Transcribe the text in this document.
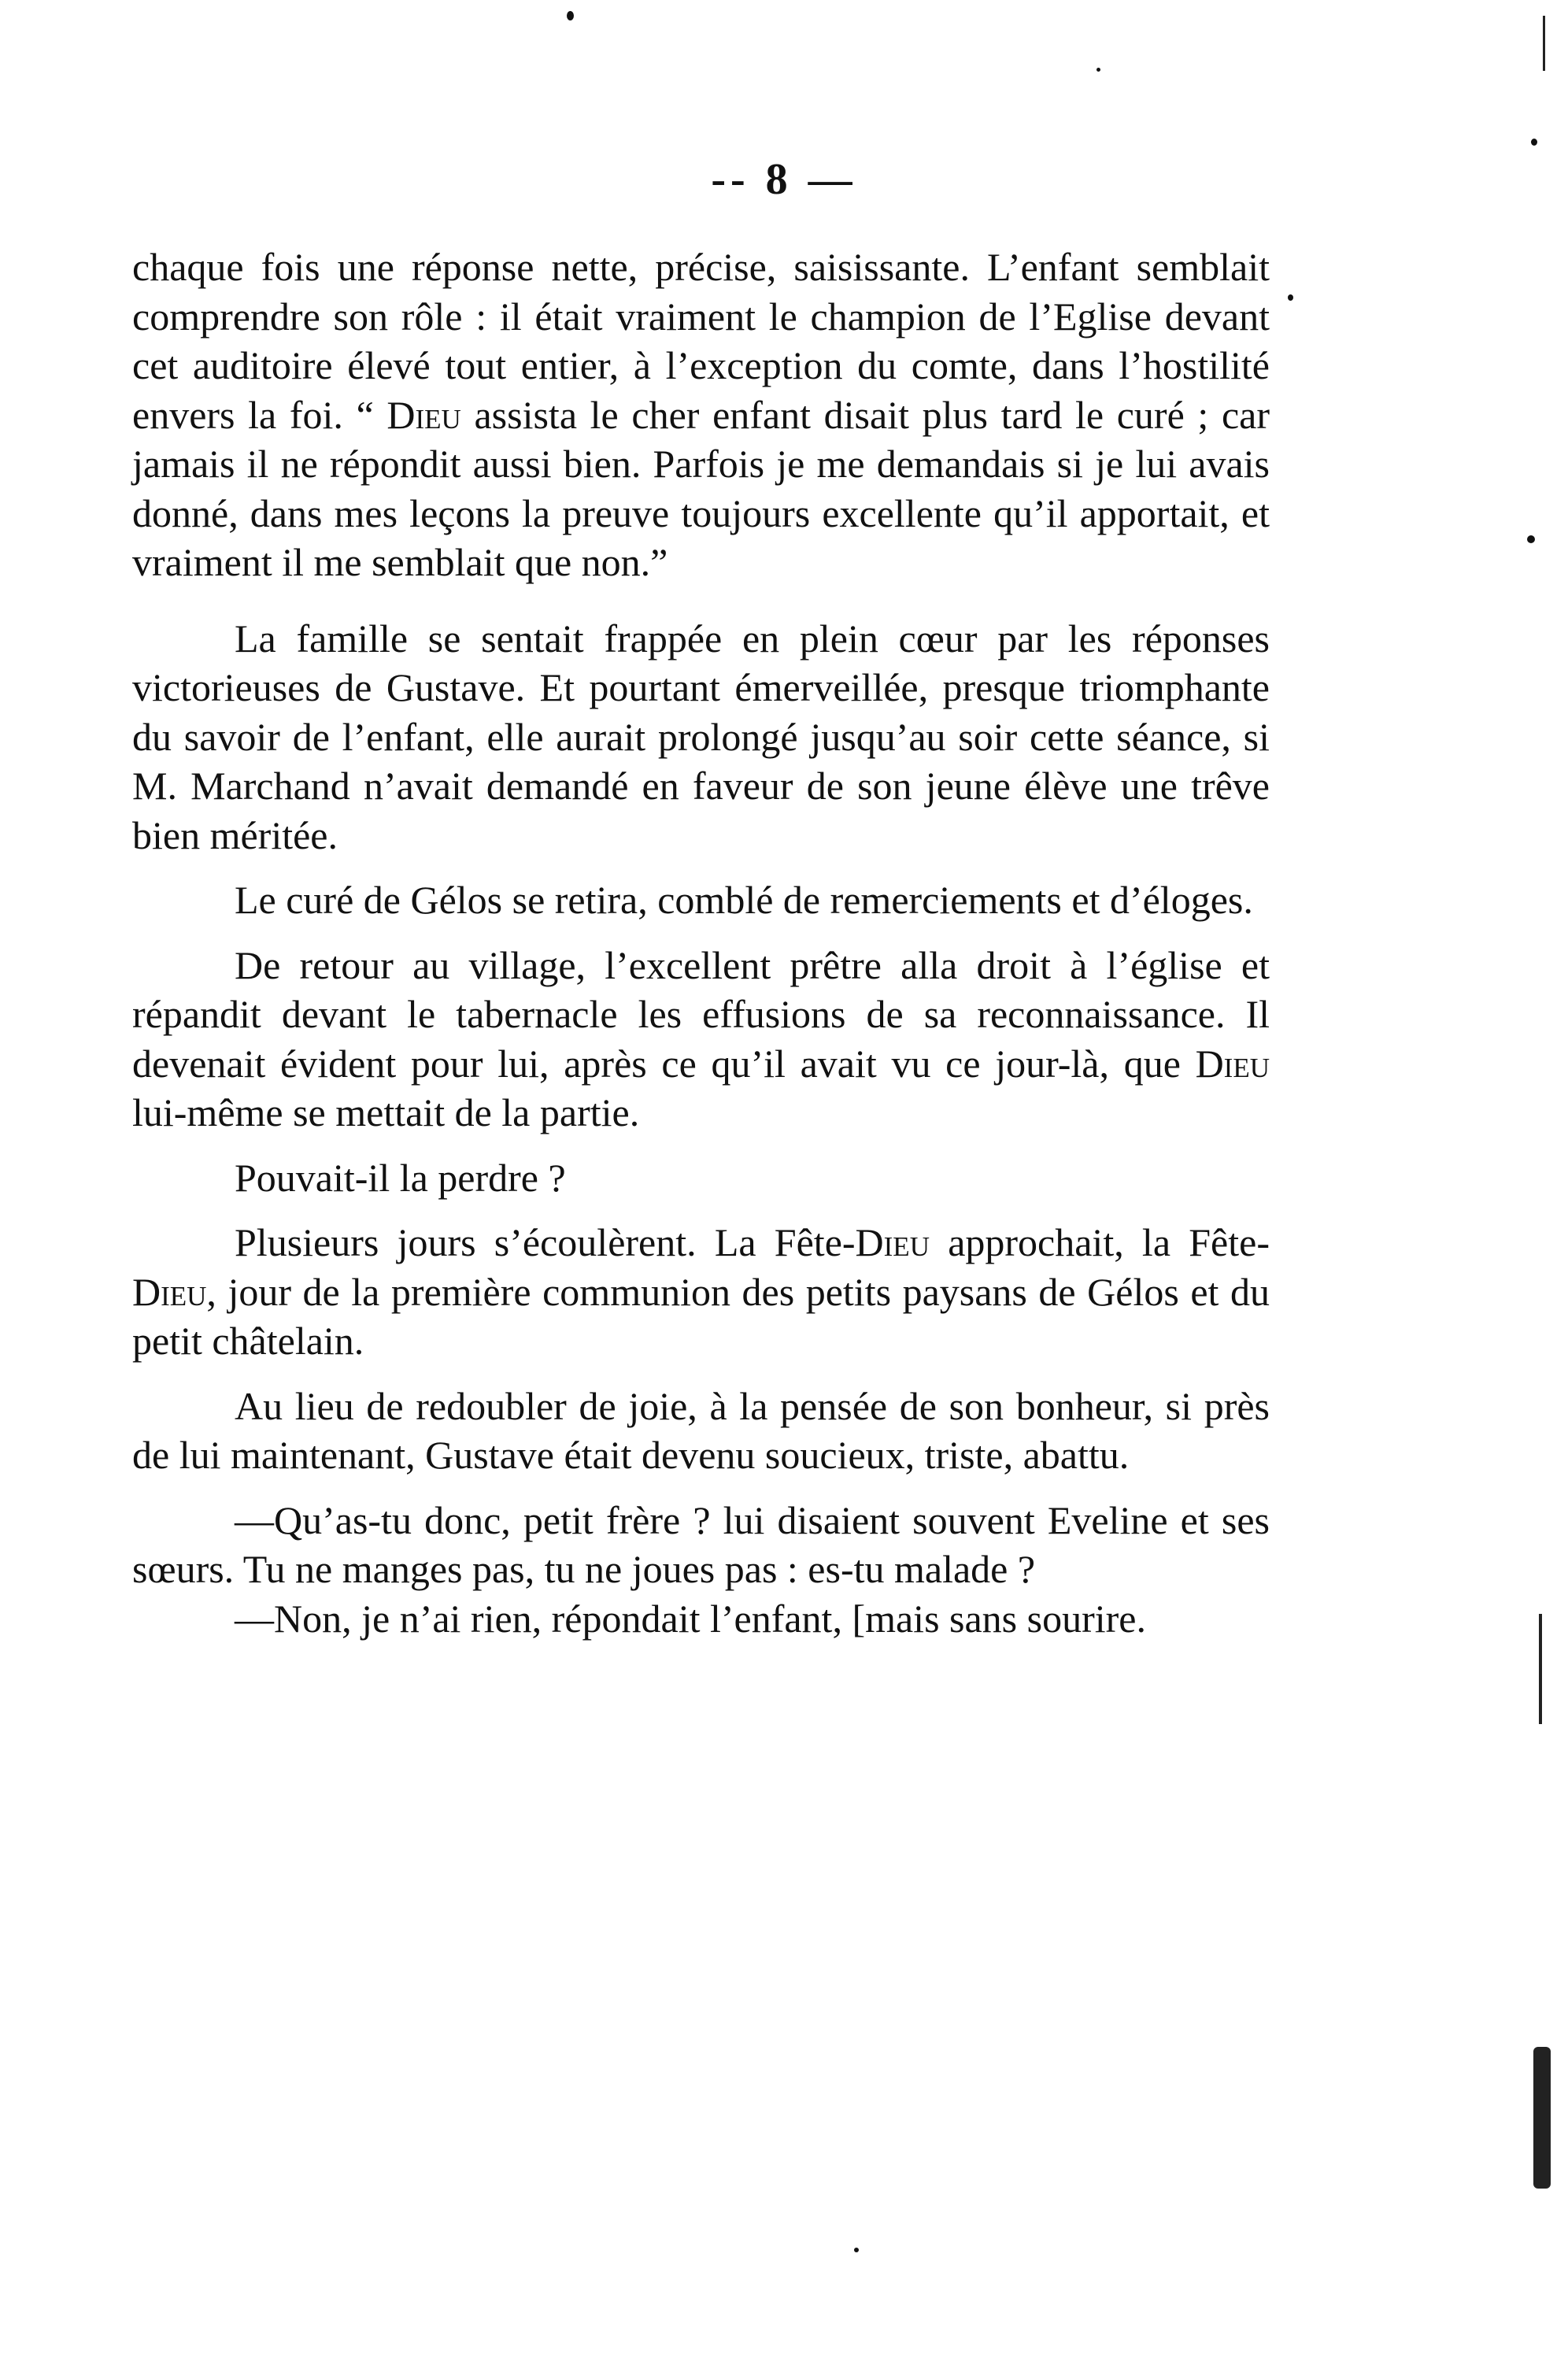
-- 8 —

chaque fois une réponse nette, précise, saisissante. L’enfant semblait comprendre son rôle : il était vraiment le champion de l’Eglise devant cet auditoire élevé tout entier, à l’exception du comte, dans l’hostilité envers la foi. “ Dieu assista le cher enfant disait plus tard le curé ; car jamais il ne répondit aussi bien. Parfois je me demandais si je lui avais donné, dans mes leçons la preuve toujours excellente qu’il apportait, et vraiment il me semblait que non.”

La famille se sentait frappée en plein cœur par les réponses victorieuses de Gustave. Et pourtant émerveillée, presque triomphante du savoir de l’enfant, elle aurait prolongé jusqu’au soir cette séance, si M. Marchand n’avait demandé en faveur de son jeune élève une trêve bien méritée.

Le curé de Gélos se retira, comblé de remerciements et d’éloges.

De retour au village, l’excellent prêtre alla droit à l’église et répandit devant le tabernacle les effusions de sa reconnaissance. Il devenait évident pour lui, après ce qu’il avait vu ce jour-là, que Dieu lui-même se mettait de la partie.

Pouvait-il la perdre ?

Plusieurs jours s’écoulèrent. La Fête-Dieu approchait, la Fête-Dieu, jour de la première communion des petits paysans de Gélos et du petit châtelain.

Au lieu de redoubler de joie, à la pensée de son bonheur, si près de lui maintenant, Gustave était devenu soucieux, triste, abattu.

—Qu’as-tu donc, petit frère ? lui disaient souvent Eveline et ses sœurs. Tu ne manges pas, tu ne joues pas : es-tu malade ?

—Non, je n’ai rien, répondait l’enfant, [mais sans sourire.
